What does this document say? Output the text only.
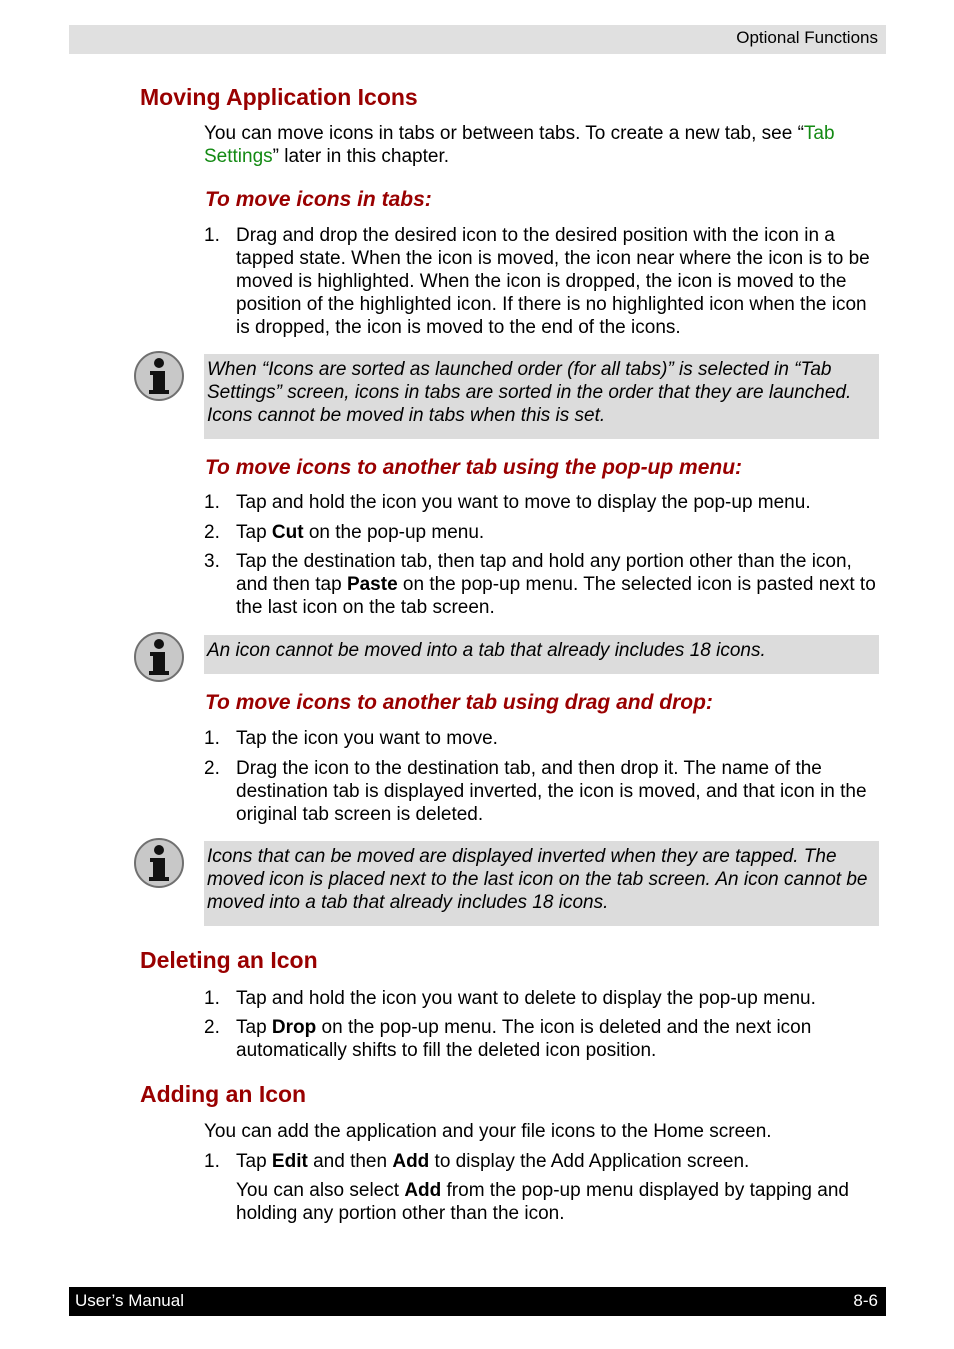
Optional Functions
Moving Application Icons

You can move icons in tabs or between tabs. To create a new tab, see “Tab Settings” later in this chapter.

To move icons in tabs:
1. Drag and drop the desired icon to the desired position with the icon in a tapped state. When the icon is moved, the icon near where the icon is to be moved is highlighted. When the icon is dropped, the icon is moved to the position of the highlighted icon. If there is no highlighted icon when the icon is dropped, the icon is moved to the end of the icons.

When “Icons are sorted as launched order (for all tabs)” is selected in “Tab Settings” screen, icons in tabs are sorted in the order that they are launched. Icons cannot be moved in tabs when this is set.

To move icons to another tab using the pop-up menu:
1. Tap and hold the icon you want to move to display the pop-up menu.
2. Tap Cut on the pop-up menu.
3. Tap the destination tab, then tap and hold any portion other than the icon, and then tap Paste on the pop-up menu. The selected icon is pasted next to the last icon on the tab screen.

An icon cannot be moved into a tab that already includes 18 icons.

To move icons to another tab using drag and drop:
1. Tap the icon you want to move.
2. Drag the icon to the destination tab, and then drop it. The name of the destination tab is displayed inverted, the icon is moved, and that icon in the original tab screen is deleted.

Icons that can be moved are displayed inverted when they are tapped. The moved icon is placed next to the last icon on the tab screen. An icon cannot be moved into a tab that already includes 18 icons.

Deleting an Icon
1. Tap and hold the icon you want to delete to display the pop-up menu.
2. Tap Drop on the pop-up menu. The icon is deleted and the next icon automatically shifts to fill the deleted icon position.
Adding an Icon

You can add the application and your file icons to the Home screen.

1. Tap Edit and then Add to display the Add Application screen.
You can also select Add from the pop-up menu displayed by tapping and holding any portion other than the icon.
User’s Manual	8-6
